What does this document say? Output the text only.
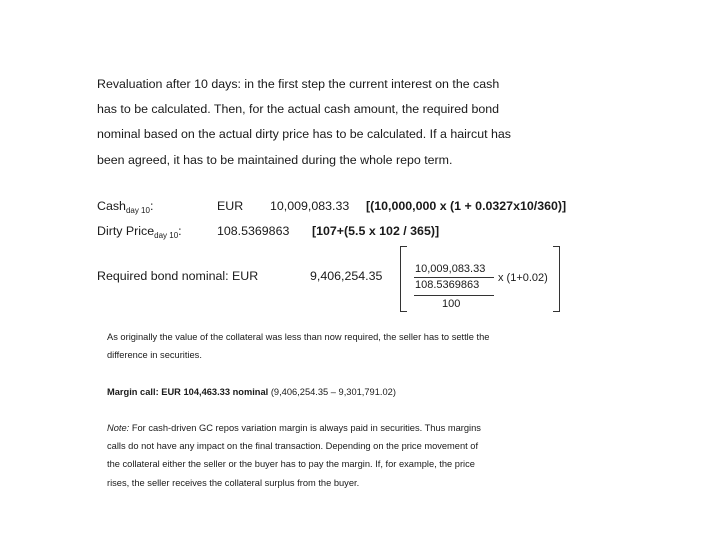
Revaluation after 10 days: in the first step the current interest on the cash
has to be calculated. Then, for the actual cash amount, the required bond
nominal based on the actual dirty price has to be calculated. If a haircut has
been agreed, it has to be maintained during the whole repo term.

Cash$_{day 10}$:	EUR 10,009,083.33 [(10,000,000 x (1 + 0.0327x10/360)]
Dirty Price$_{day 10}$:	108.5369863 [107+(5.5 x 102 / 365)]
Required bond nominal: EUR	9,406,254.35	10,009,083.33
108.5369863
x (1+0.02)
100

As originally the value of the collateral was less than now required, the seller has to settle the
difference in securities.

Margin call: EUR 104,463.33 nominal (9,406,254.35 – 9,301,791.02)

Note: For cash-driven GC repos variation margin is always paid in securities. Thus margins
calls do not have any impact on the final transaction. Depending on the price movement of
the collateral either the seller or the buyer has to pay the margin. If, for example, the price
rises, the seller receives the collateral surplus from the buyer.
